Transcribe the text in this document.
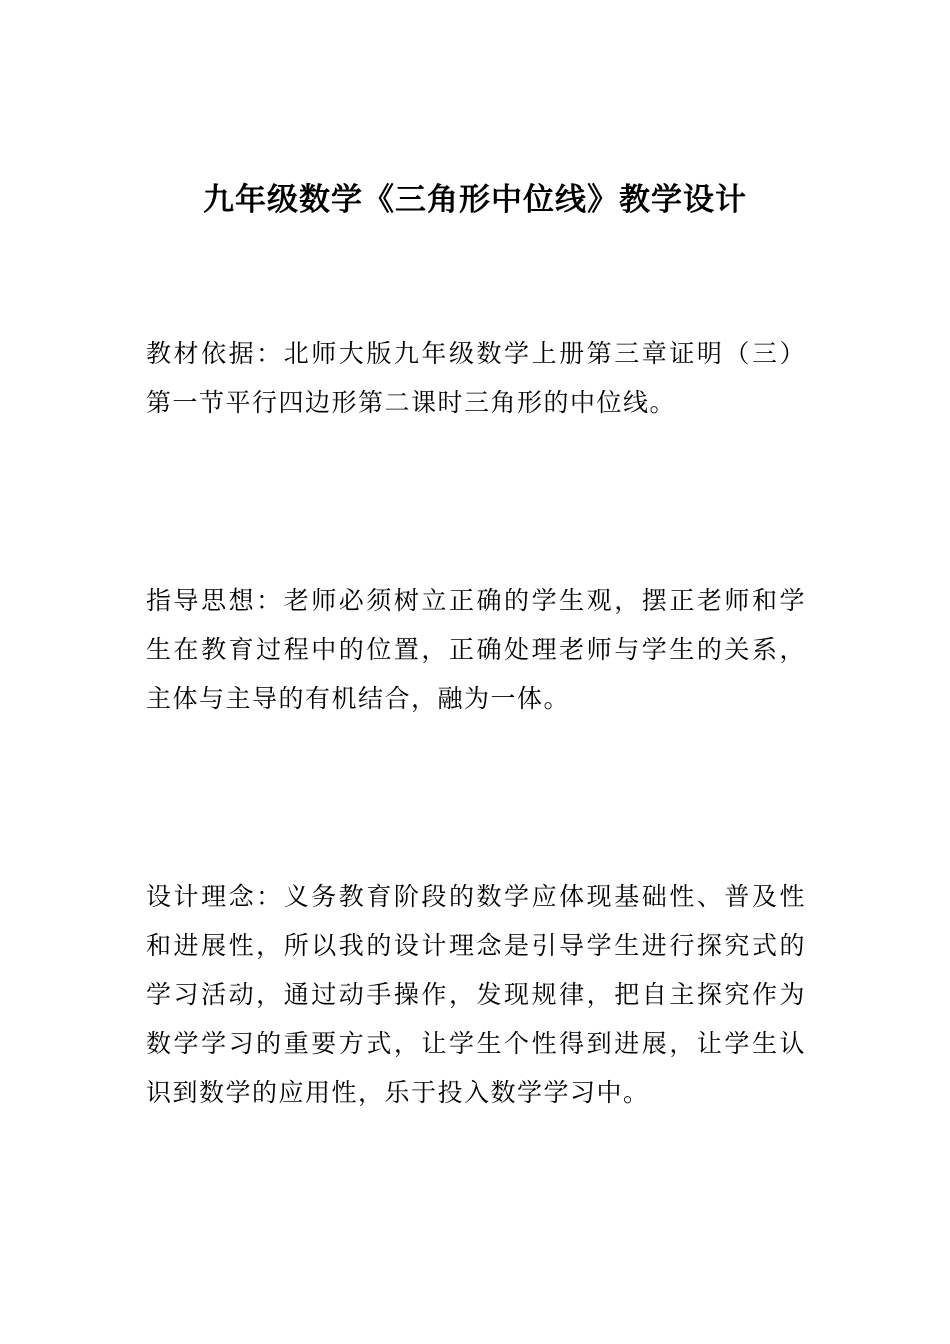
九年级数学《三角形中位线》教学设计

教材依据：北师大版九年级数学上册第三章证明（三）第一节平行四边形第二课时三角形的中位线。

指导思想：老师必须树立正确的学生观，摆正老师和学生在教育过程中的位置，正确处理老师与学生的关系，主体与主导的有机结合，融为一体。

设计理念：义务教育阶段的数学应体现基础性、普及性和进展性，所以我的设计理念是引导学生进行探究式的学习活动，通过动手操作，发现规律，把自主探究作为数学学习的重要方式，让学生个性得到进展，让学生认识到数学的应用性，乐于投入数学学习中。
